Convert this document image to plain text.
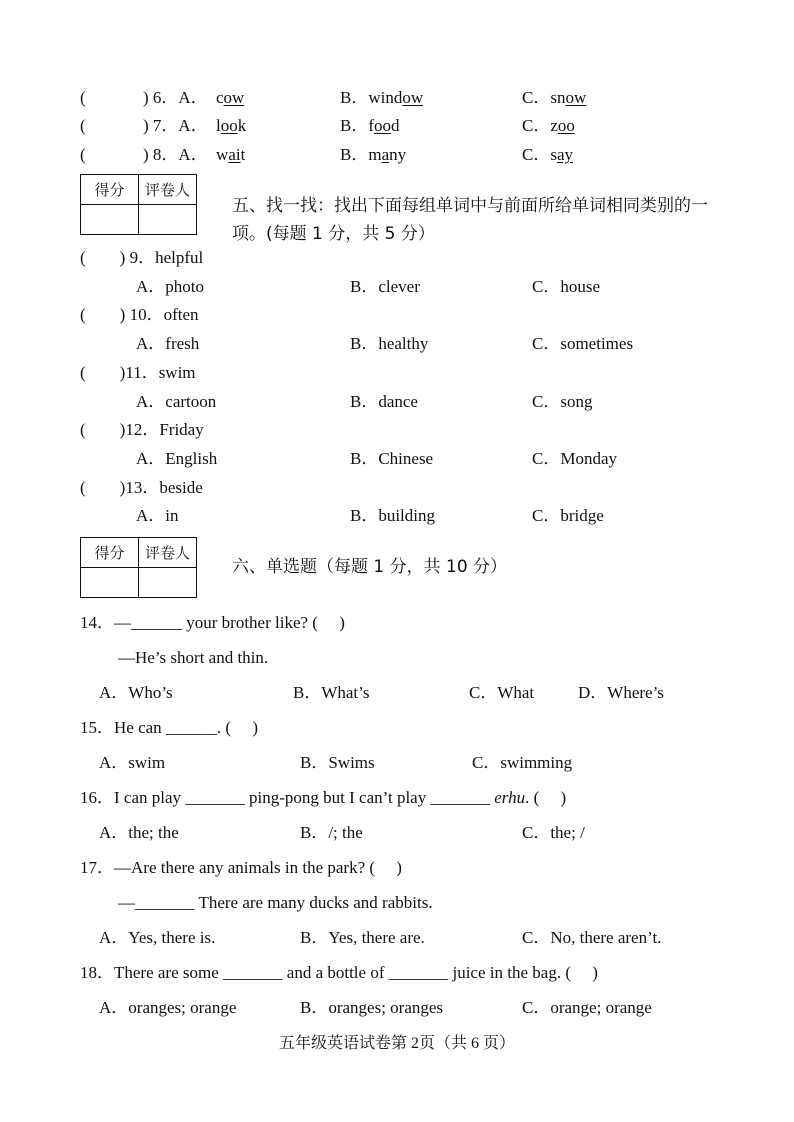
(	) 6．A． cow	B．window	C．snow
(	) 7．A． look	B．food	C．zoo
(	) 8．A． wait	B．many	C．say
得分	评卷人

五、找一找：找出下面每组单词中与前面所给单词相同类别的一项。(每题 1 分，共 5 分）
(　　) 9．helpful
A．photo	B．clever	C．house
(　　) 10．often
A．fresh	B．healthy	C．sometimes
(　　)11．swim
A．cartoon	B．dance	C．song
(　　)12．Friday
A．English	B．Chinese	C．Monday
(　　)13．beside
A．in	B．building	C．bridge
得分	评卷人

六、单选题（每题 1 分，共 10 分）
14．—______ your brother like? (　 )
—He’s short and thin.
A．Who’s	B．What’s	C．What	D．Where’s
15．He can ______. (　 )
A．swim	B．Swims	C．swimming
16．I can play _______ ping-pong but I can’t play _______ erhu. (　 )
A．the; the	B．/; the	C．the; /
17．—Are there any animals in the park? (　 )
—_______ There are many ducks and rabbits.
A．Yes, there is.	B．Yes, there are.	C．No, there aren’t.
18．There are some _______ and a bottle of _______ juice in the bag. (　 )
A．oranges; orange	B．oranges; oranges	C．orange; orange
五年级英语试卷第 2页（共 6 页）
